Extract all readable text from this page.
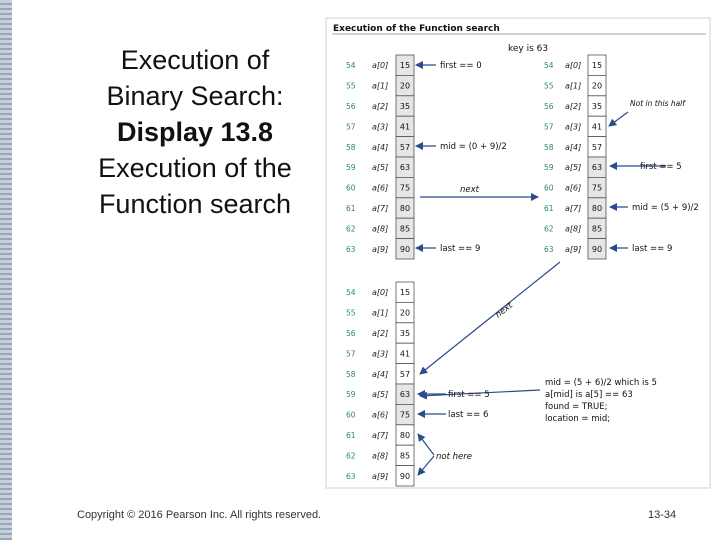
Execution of
Binary Search:
Display 13.8
Execution of the
Function search
Execution of the Function search
key is 63
54 a[0] 15
55 a[1] 20
56 a[2] 35
57 a[3] 41
58 a[4] 57
59 a[5] 63
60 a[6] 75
61 a[7] 80
62 a[8] 85
63 a[9] 90
54 a[0] 15
55 a[1] 20
56 a[2] 35
57 a[3] 41
58 a[4] 57
59 a[5] 63
60 a[6] 75
61 a[7] 80
62 a[8] 85
63 a[9] 90
54 a[0] 15
55 a[1] 20
56 a[2] 35
57 a[3] 41
58 a[4] 57
59 a[5] 63
60 a[6] 75
61 a[7] 80
62 a[8] 85
63 a[9] 90
first == 0
mid = (0 + 9)/2
last == 9
next
Not in this half
first == 5
mid = (5 + 9)/2
last == 9
next
first == 5
last == 6
not here
mid = (5 + 6)/2 which is 5
a[mid] is a[5] == 63
found = TRUE;
location = mid;
Copyright © 2016 Pearson Inc. All rights reserved.	13-34
